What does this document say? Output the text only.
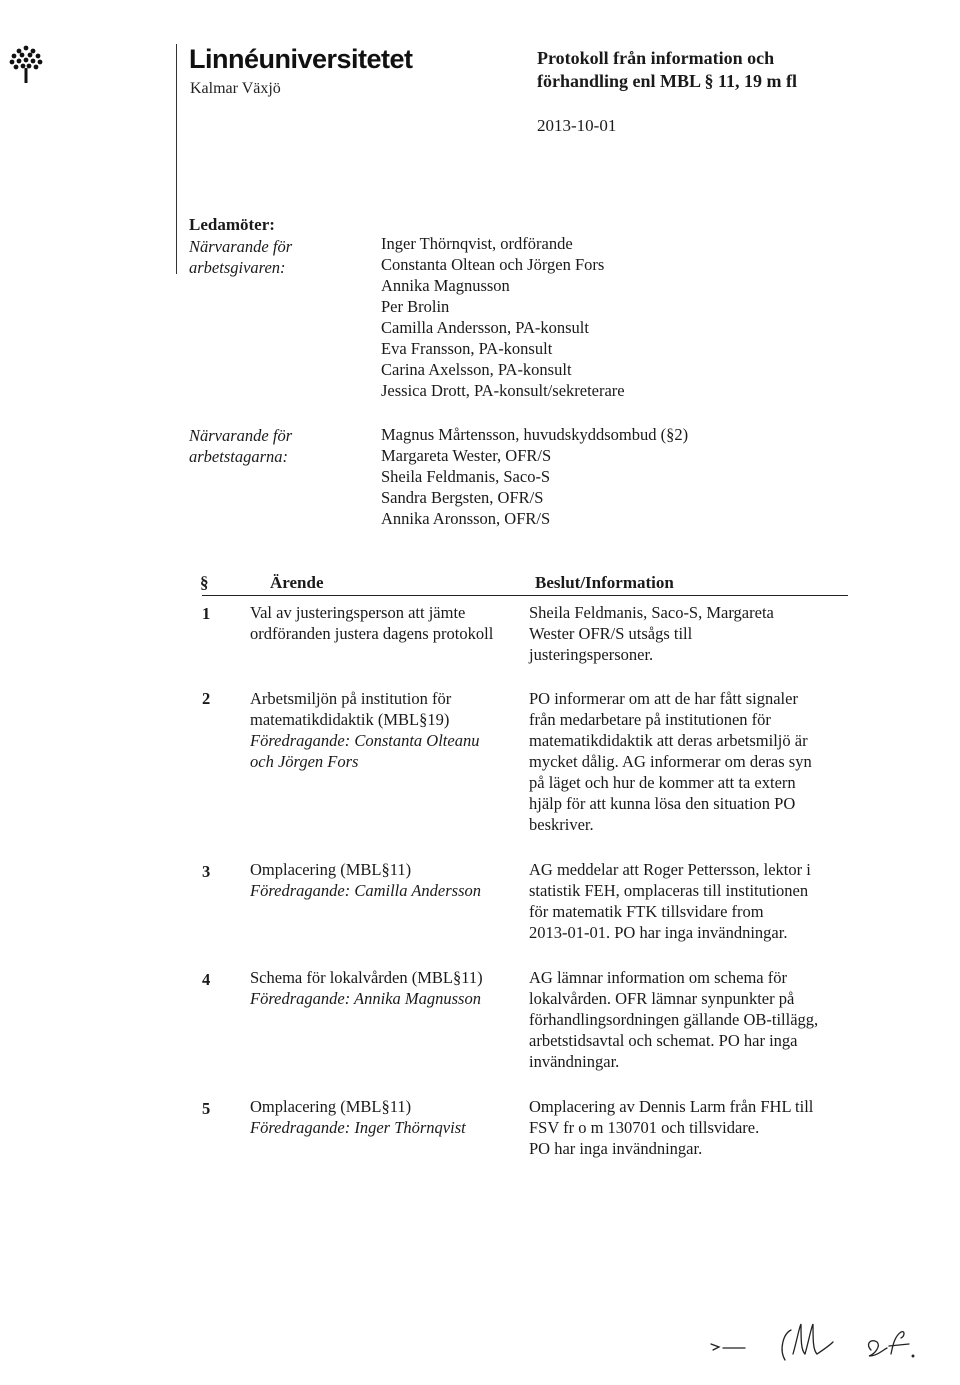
Linnéuniversitetet
Kalmar Växjö
Protokoll från information och
förhandling enl MBL § 11, 19 m fl
2013-10-01
Ledamöter:
Närvarande för
arbetsgivaren:
Inger Thörnqvist, ordförande
Constanta Oltean och Jörgen Fors
Annika Magnusson
Per Brolin
Camilla Andersson, PA-konsult
Eva Fransson, PA-konsult
Carina Axelsson, PA-konsult
Jessica Drott, PA-konsult/sekreterare
Närvarande för
arbetstagarna:
Magnus Mårtensson, huvudskyddsombud (§2)
Margareta Wester, OFR/S
Sheila Feldmanis, Saco-S
Sandra Bergsten, OFR/S
Annika Aronsson, OFR/S
§	Ärende	Beslut/Information
1 Val av justeringsperson att jämte
ordföranden justera dagens protokoll
Sheila Feldmanis, Saco-S, Margareta
Wester OFR/S utsågs till
justeringspersoner.
2 Arbetsmiljön på institution för
matematikdidaktik (MBL§19)
Föredragande: Constanta Olteanu
och Jörgen Fors
PO informerar om att de har fått signaler
från medarbetare på institutionen för
matematikdidaktik att deras arbetsmiljö är
mycket dålig. AG informerar om deras syn
på läget och hur de kommer att ta extern
hjälp för att kunna lösa den situation PO
beskriver.
3 Omplacering (MBL§11)
Föredragande: Camilla Andersson
AG meddelar att Roger Pettersson, lektor i
statistik FEH, omplaceras till institutionen
för matematik FTK tillsvidare from
2013-01-01. PO har inga invändningar.
4 Schema för lokalvården (MBL§11)
Föredragande: Annika Magnusson
AG lämnar information om schema för
lokalvården. OFR lämnar synpunkter på
förhandlingsordningen gällande OB-tillägg,
arbetstidsavtal och schemat. PO har inga
invändningar.
5 Omplacering (MBL§11)
Föredragande: Inger Thörnqvist
Omplacering av Dennis Larm från FHL till
FSV fr o m 130701 och tillsvidare.
PO har inga invändningar.
